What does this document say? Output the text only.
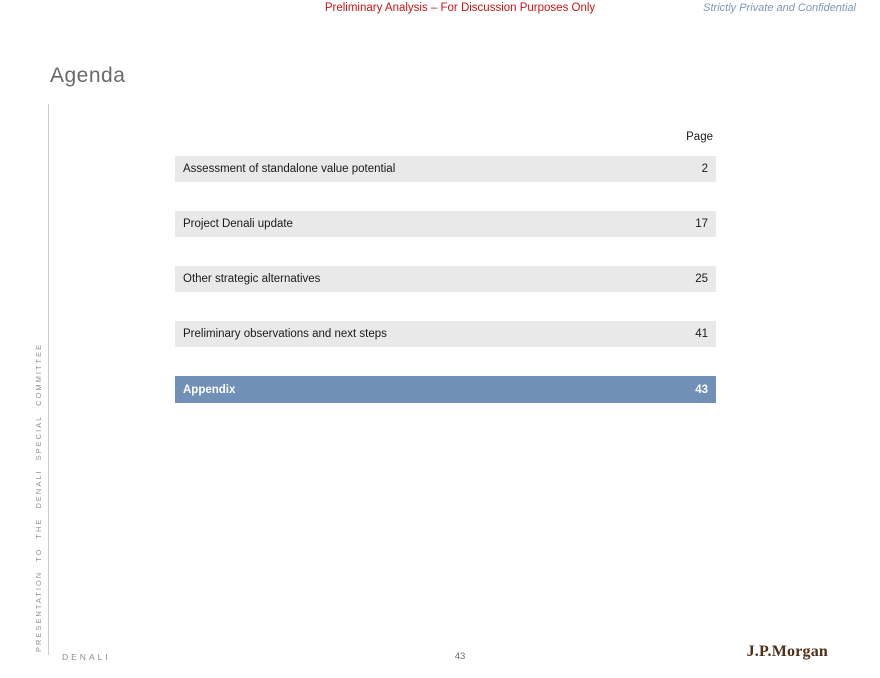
Preliminary Analysis – For Discussion Purposes Only	Strictly Private and Confidential
Agenda
PRESENTATION TO THE DENALI SPECIAL COMMITTEE
Page
Assessment of standalone value potential	2
Project Denali update	17
Other strategic alternatives	25
Preliminary observations and next steps	41
Appendix	43
DENALI	43	J.P.Morgan
